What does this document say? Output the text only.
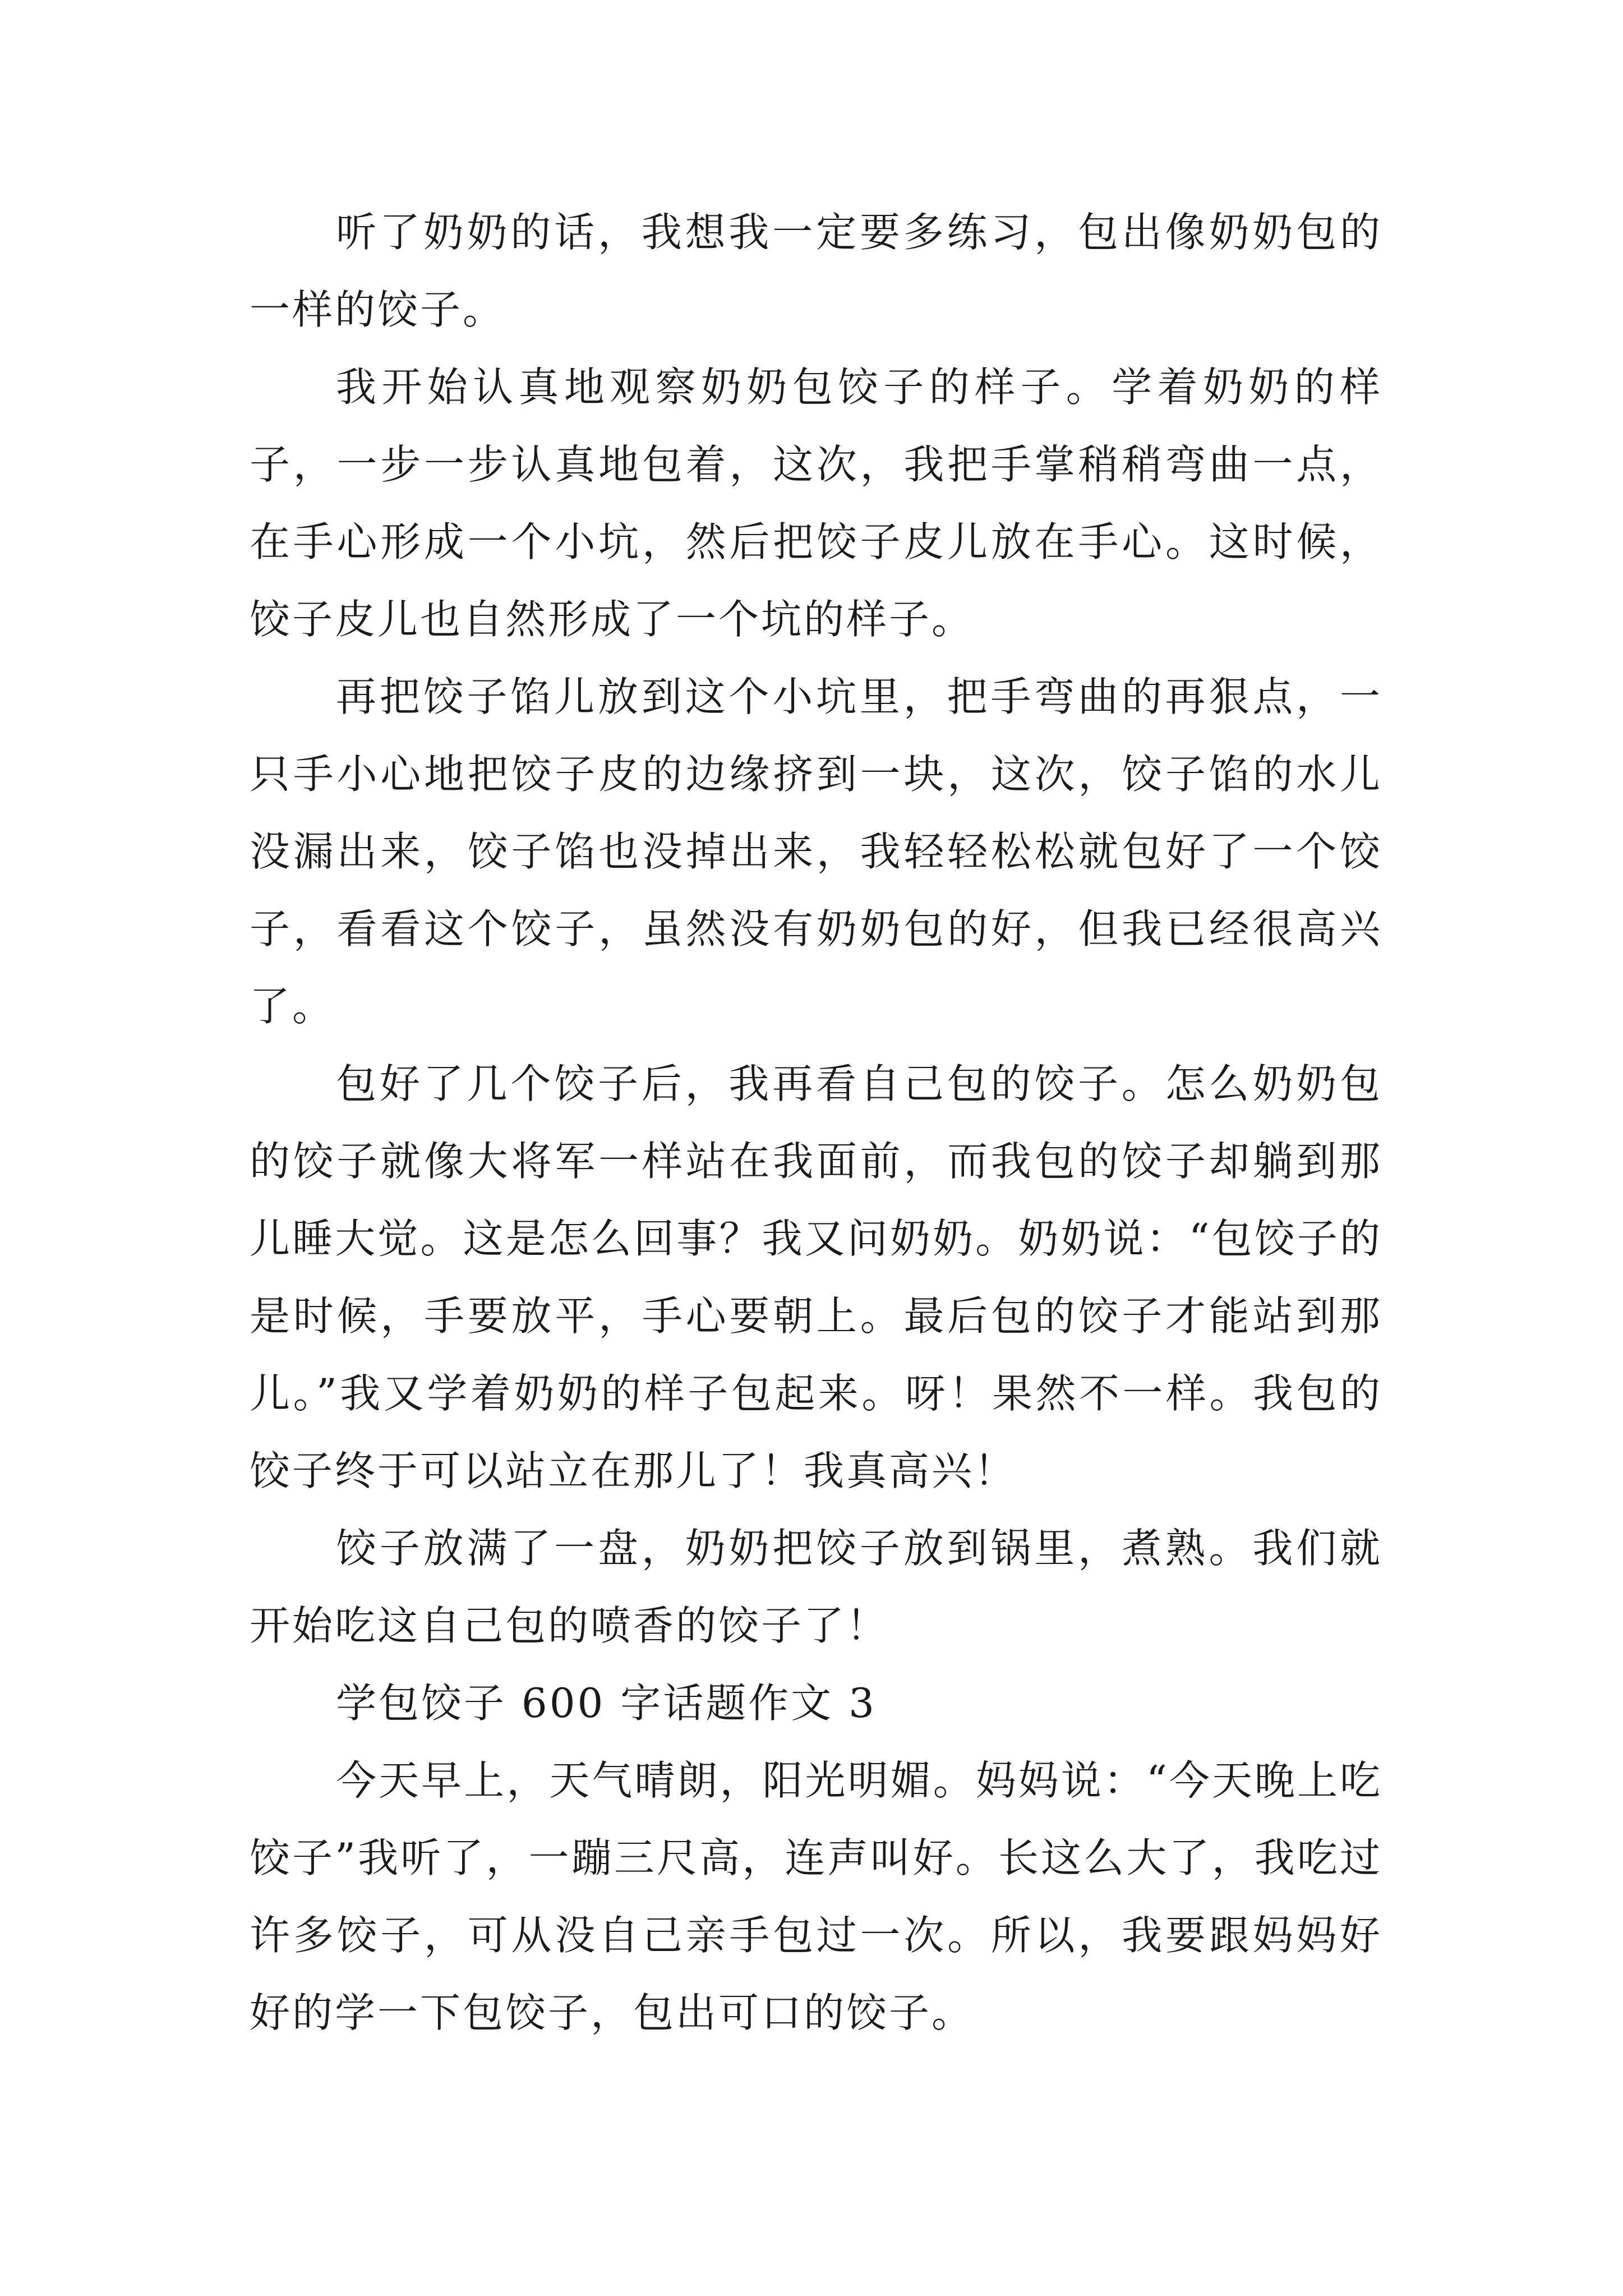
听了奶奶的话，我想我一定要多练习，包出像奶奶包的一样的饺子。

我开始认真地观察奶奶包饺子的样子。学着奶奶的样子，一步一步认真地包着，这次，我把手掌稍稍弯曲一点，在手心形成一个小坑，然后把饺子皮儿放在手心。这时候，饺子皮儿也自然形成了一个坑的样子。

再把饺子馅儿放到这个小坑里，把手弯曲的再狠点，一只手小心地把饺子皮的边缘挤到一块，这次，饺子馅的水儿没漏出来，饺子馅也没掉出来，我轻轻松松就包好了一个饺子，看看这个饺子，虽然没有奶奶包的好，但我已经很高兴了。

包好了几个饺子后，我再看自己包的饺子。怎么奶奶包的饺子就像大将军一样站在我面前，而我包的饺子却躺到那儿睡大觉。这是怎么回事？我又问奶奶。奶奶说：“包饺子的是时候，手要放平，手心要朝上。最后包的饺子才能站到那儿。”我又学着奶奶的样子包起来。呀！果然不一样。我包的饺子终于可以站立在那儿了！我真高兴！

饺子放满了一盘，奶奶把饺子放到锅里，煮熟。我们就开始吃这自己包的喷香的饺子了！

学包饺子 600 字话题作文 3

今天早上，天气晴朗，阳光明媚。妈妈说：“今天晚上吃饺子”我听了，一蹦三尺高，连声叫好。长这么大了，我吃过许多饺子，可从没自己亲手包过一次。所以，我要跟妈妈好好的学一下包饺子，包出可口的饺子。
